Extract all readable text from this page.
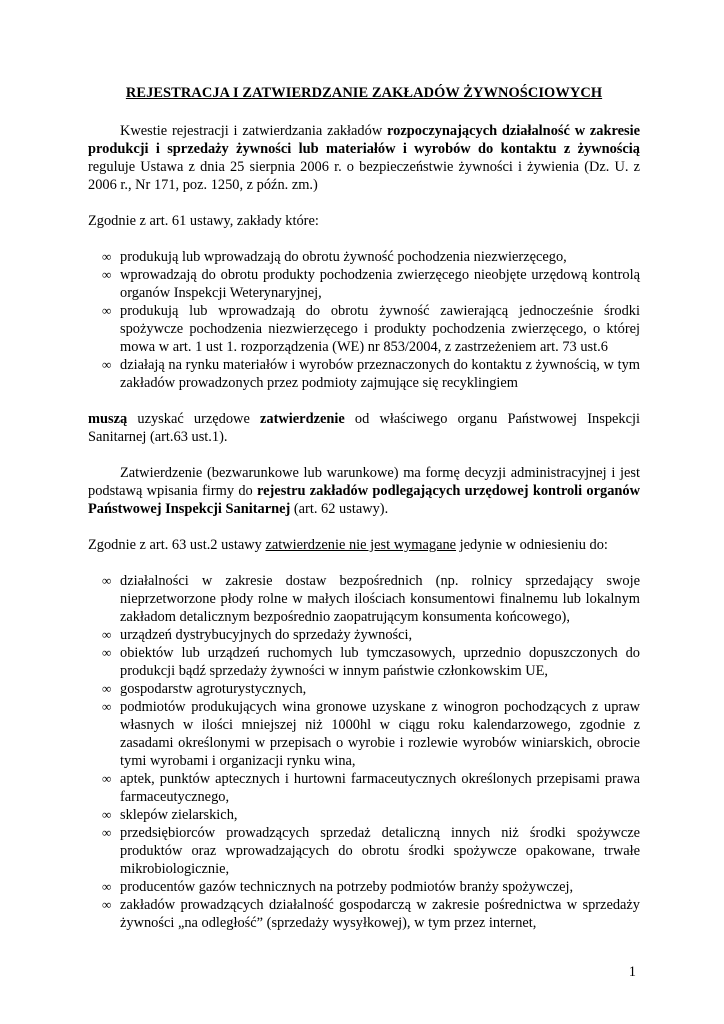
REJESTRACJA I ZATWIERDZANIE ZAKŁADÓW ŻYWNOŚCIOWYCH

Kwestie rejestracji i zatwierdzania zakładów rozpoczynających działalność w zakresie produkcji i sprzedaży żywności lub materiałów i wyrobów do kontaktu z żywnością reguluje Ustawa z dnia 25 sierpnia 2006 r. o bezpieczeństwie żywności i żywienia (Dz. U. z 2006 r., Nr 171, poz. 1250, z późn. zm.)

Zgodnie z art. 61 ustawy, zakłady które:

∞ produkują lub wprowadzają do obrotu żywność pochodzenia niezwierzęcego,
∞ wprowadzają do obrotu produkty pochodzenia zwierzęcego nieobjęte urzędową kontrolą organów Inspekcji Weterynaryjnej,
∞ produkują lub wprowadzają do obrotu żywność zawierającą jednocześnie środki spożywcze pochodzenia niezwierzęcego i produkty pochodzenia zwierzęcego, o której mowa w art. 1 ust 1. rozporządzenia (WE) nr 853/2004, z zastrzeżeniem art. 73 ust.6
∞ działają na rynku materiałów i wyrobów przeznaczonych do kontaktu z żywnością, w tym zakładów prowadzonych przez podmioty zajmujące się recyklingiem

muszą uzyskać urzędowe zatwierdzenie od właściwego organu Państwowej Inspekcji Sanitarnej (art.63 ust.1).

Zatwierdzenie (bezwarunkowe lub warunkowe) ma formę decyzji administracyjnej i jest podstawą wpisania firmy do rejestru zakładów podlegających urzędowej kontroli organów Państwowej Inspekcji Sanitarnej (art. 62 ustawy).

Zgodnie z art. 63 ust.2 ustawy zatwierdzenie nie jest wymagane jedynie w odniesieniu do:

∞ działalności w zakresie dostaw bezpośrednich (np. rolnicy sprzedający swoje nieprzetworzone płody rolne w małych ilościach konsumentowi finalnemu lub lokalnym zakładom detalicznym bezpośrednio zaopatrującym konsumenta końcowego),
∞ urządzeń dystrybucyjnych do sprzedaży żywności,
∞ obiektów lub urządzeń ruchomych lub tymczasowych, uprzednio dopuszczonych do produkcji bądź sprzedaży żywności w innym państwie członkowskim UE,
∞ gospodarstw agroturystycznych,
∞ podmiotów produkujących wina gronowe uzyskane z winogron pochodzących z upraw własnych w ilości mniejszej niż 1000hl w ciągu roku kalendarzowego, zgodnie z zasadami określonymi w przepisach o wyrobie i rozlewie wyrobów winiarskich, obrocie tymi wyrobami i organizacji rynku wina,
∞ aptek, punktów aptecznych i hurtowni farmaceutycznych określonych przepisami prawa farmaceutycznego,
∞ sklepów zielarskich,
∞ przedsiębiorców prowadzących sprzedaż detaliczną innych niż środki spożywcze produktów oraz wprowadzających do obrotu środki spożywcze opakowane, trwałe mikrobiologicznie,
∞ producentów gazów technicznych na potrzeby podmiotów branży spożywczej,
∞ zakładów prowadzących działalność gospodarczą w zakresie pośrednictwa w sprzedaży żywności „na odległość” (sprzedaży wysyłkowej), w tym przez internet,
1
